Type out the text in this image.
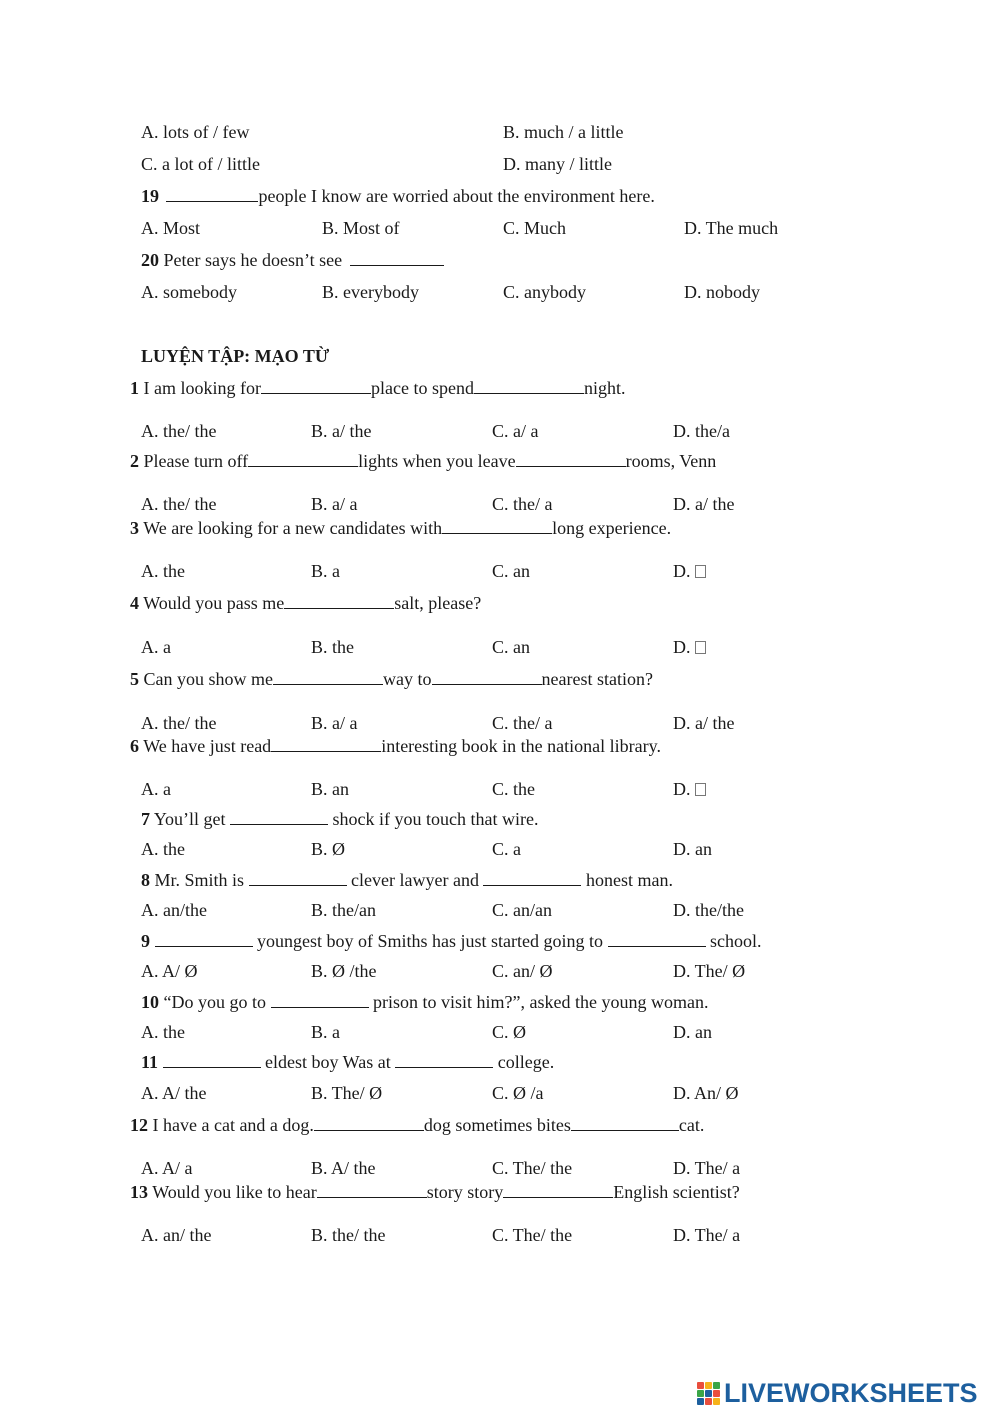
A. lots of / few	B. much / a little
C. a lot of / little	D. many / little
19	people I know are worried about the environment here.
A. Most	B. Most of	C. Much	D. The much
20 Peter says he doesn’t see
A. somebody	B. everybody	C. anybody	D. nobody
LUYỆN TẬP: MẠO TỪ
1 I am looking for	place to spend	night.
A. the/ the	B. a/ the	C. a/ a	D. the/a
2 Please turn off	lights when you leave	rooms, Venn
A. the/ the	B. a/ a	C. the/ a	D. a/ the
3 We are looking for a new candidates with	long experience.
A. the	B. a	C. an	D.
4 Would you pass me	salt, please?
A. a	B. the	C. an	D.
5 Can you show me	way to	nearest station?
A. the/ the	B. a/ a	C. the/ a	D. a/ the
6 We have just read	interesting book in the national library.
A. a	B. an	C. the	D.
7 You’ll get	shock if you touch that wire.
A. the	B. Ø	C. a	D. an
8 Mr. Smith is	clever lawyer and	honest man.
A. an/the	B. the/an	C. an/an	D. the/the
9	youngest boy of Smiths has just started going to	school.
A. A/ Ø	B. Ø /the	C. an/ Ø	D. The/ Ø
10 “Do you go to	prison to visit him?”, asked the young woman.
A. the	B. a	C. Ø	D. an
11	eldest boy Was at	college.
A. A/ the	B. The/ Ø	C. Ø /a	D. An/ Ø
12 I have a cat and a dog.	dog sometimes bites	cat.
A. A/ a	B. A/ the	C. The/ the	D. The/ a
13 Would you like to hear	story story	English scientist?
A. an/ the	B. the/ the	C. The/ the	D. The/ a
LIVEWORKSHEETS
